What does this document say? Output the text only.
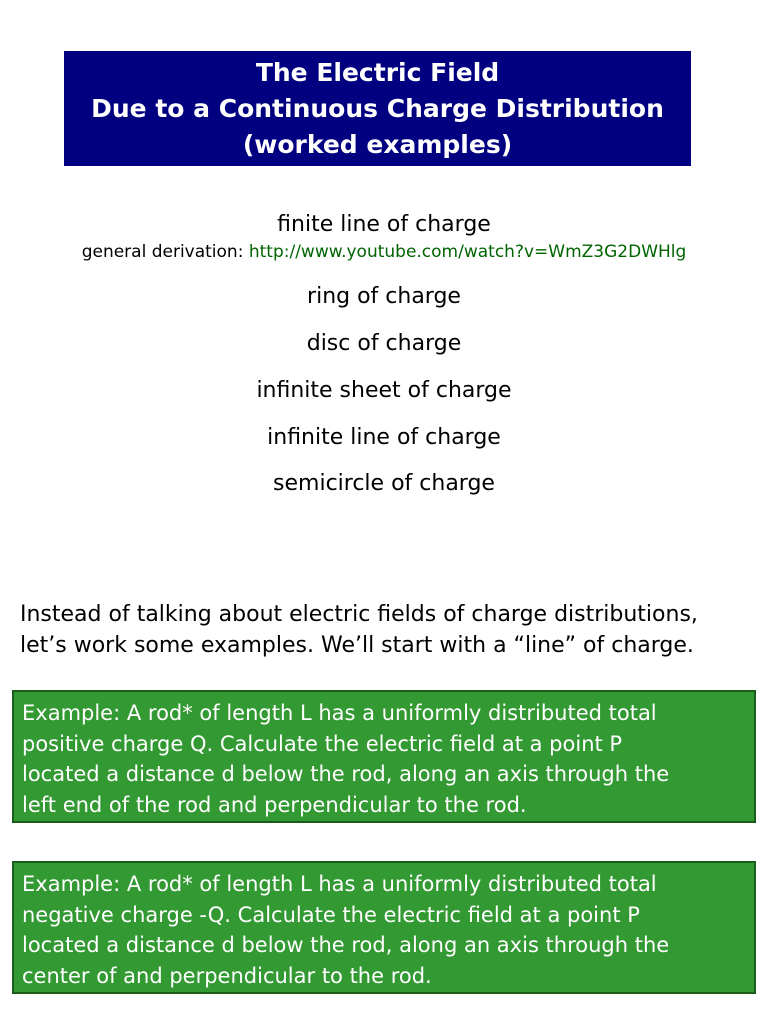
The Electric Field
Due to a Continuous Charge Distribution
(worked examples)
finite line of charge
general derivation: http://www.youtube.com/watch?v=WmZ3G2DWHlg
ring of charge
disc of charge
infinite sheet of charge
infinite line of charge
semicircle of charge
Instead of talking about electric fields of charge distributions,
let’s work some examples. We’ll start with a “line” of charge.
Example: A rod* of length L has a uniformly distributed total
positive charge Q. Calculate the electric field at a point P
located a distance d below the rod, along an axis through the
left end of the rod and perpendicular to the rod.
Example: A rod* of length L has a uniformly distributed total
negative charge -Q. Calculate the electric field at a point P
located a distance d below the rod, along an axis through the
center of and perpendicular to the rod.
